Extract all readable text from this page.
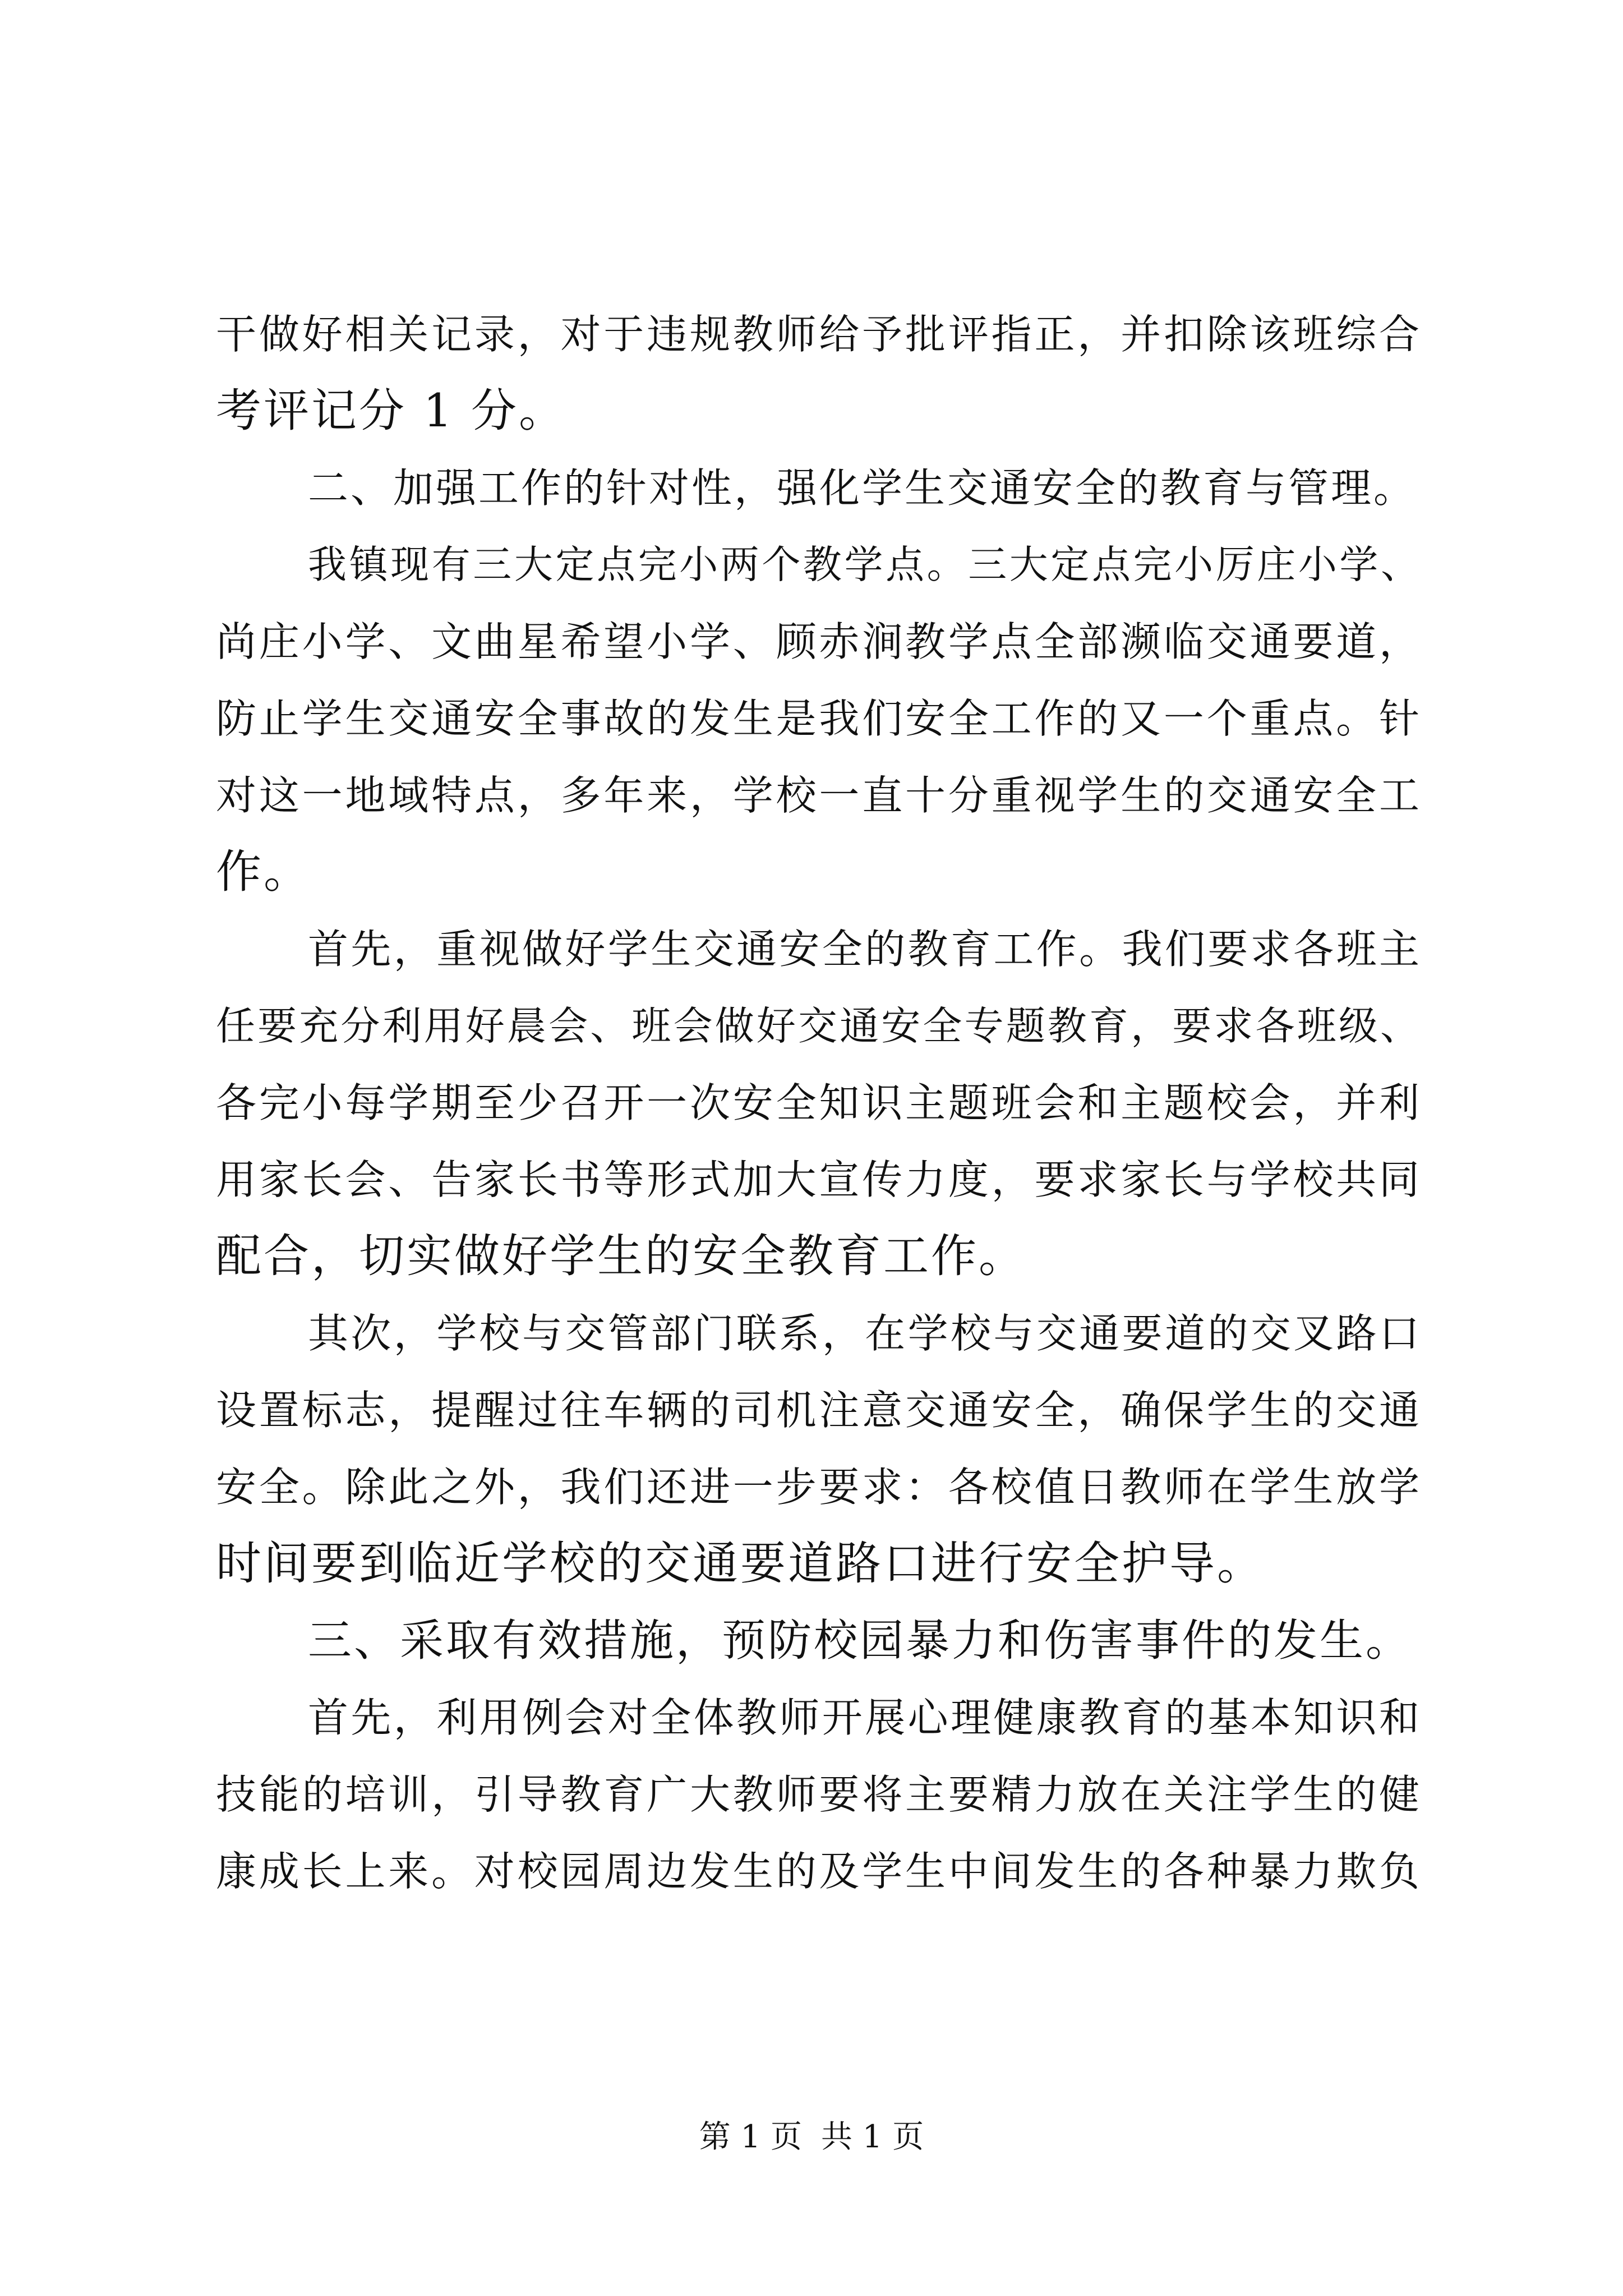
干做好相关记录，对于违规教师给予批评指正，并扣除该班综合
考评记分 1 分。
二、加强工作的针对性，强化学生交通安全的教育与管理。
我镇现有三大定点完小两个教学点。三大定点完小厉庄小学、
尚庄小学、文曲星希望小学、顾赤涧教学点全部濒临交通要道，
防止学生交通安全事故的发生是我们安全工作的又一个重点。针
对这一地域特点，多年来，学校一直十分重视学生的交通安全工
作。
首先，重视做好学生交通安全的教育工作。我们要求各班主
任要充分利用好晨会、班会做好交通安全专题教育，要求各班级、
各完小每学期至少召开一次安全知识主题班会和主题校会，并利
用家长会、告家长书等形式加大宣传力度，要求家长与学校共同
配合，切实做好学生的安全教育工作。
其次，学校与交管部门联系，在学校与交通要道的交叉路口
设置标志，提醒过往车辆的司机注意交通安全，确保学生的交通
安全。除此之外，我们还进一步要求：各校值日教师在学生放学
时间要到临近学校的交通要道路口进行安全护导。
三、采取有效措施，预防校园暴力和伤害事件的发生。
首先，利用例会对全体教师开展心理健康教育的基本知识和
技能的培训，引导教育广大教师要将主要精力放在关注学生的健
康成长上来。对校园周边发生的及学生中间发生的各种暴力欺负
第 1 页 共 1 页
